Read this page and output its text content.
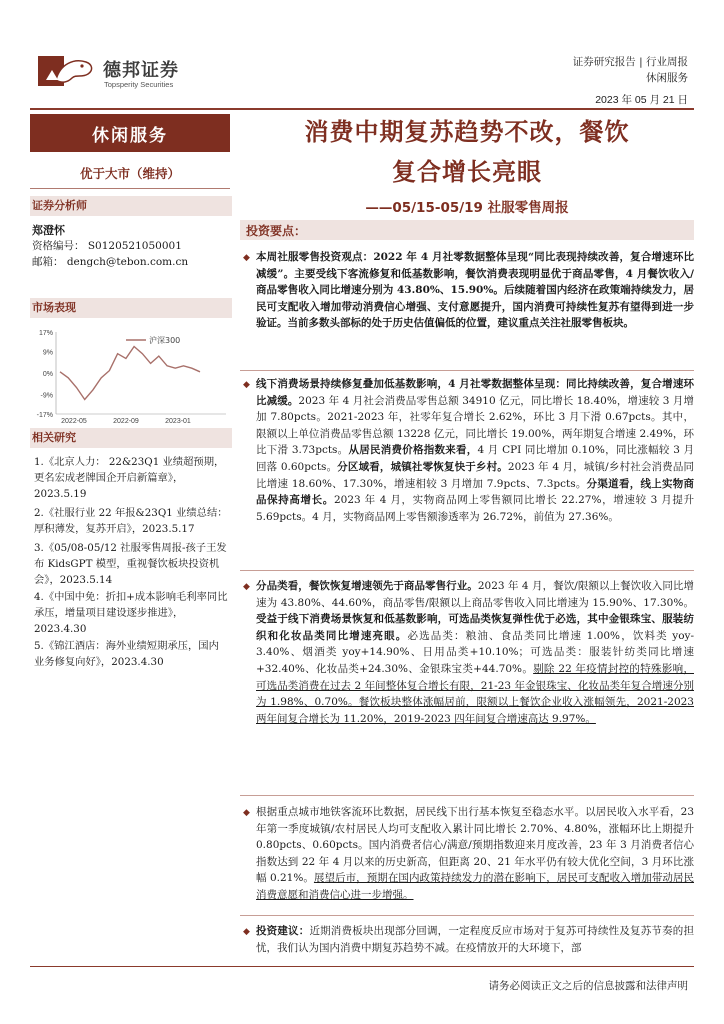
德邦证券
Topsperity Securities
证券研究报告 | 行业周报
休闲服务
2023 年 05 月 21 日
休闲服务
优于大市（维持）
证券分析师
郑澄怀
资格编号： S0120521050001
邮箱： dengch@tebon.com.cn
市场表现
17%
9%
0%
-9%
-17%
2022-05	2022-09	2023-01
沪深300
相关研究
1.《北京人力： 22&23Q1 业绩超预期，更名宏成老牌国企开启新篇章》，2023.5.19
2.《社服行业 22 年报&23Q1 业绩总结：厚积薄发，复苏开启》，2023.5.17
3.《05/08-05/12 社服零售周报-孩子王发布 KidsGPT 模型，重视餐饮板块投资机会》，2023.5.14
4.《中国中免：折扣+成本影响毛利率同比承压，增量项目建设逐步推进》，2023.4.30
5.《锦江酒店：海外业绩短期承压，国内业务修复向好》，2023.4.30
消费中期复苏趋势不改，餐饮
复合增长亮眼
——05/15-05/19 社服零售周报
投资要点：
◆ 本周社服零售投资观点：2022 年 4 月社零数据整体呈现“同比表现持续改善，复合增速环比减缓”。主要受线下客流修复和低基数影响，餐饮消费表现明显优于商品零售，4 月餐饮收入/商品零售收入同比增速分别为 43.80%、15.90%。后续随着国内经济在政策端持续发力，居民可支配收入增加带动消费信心增强、支付意愿提升，国内消费可持续性复苏有望得到进一步验证。当前多数头部标的处于历史估值偏低的位置，建议重点关注社服零售板块。

◆ 线下消费场景持续修复叠加低基数影响，4 月社零数据整体呈现：同比持续改善，复合增速环比减缓。2023 年 4 月社会消费品零售总额 34910 亿元，同比增长 18.40%，增速较 3 月增加 7.80pcts。2021-2023 年，社零年复合增长 2.62%，环比 3 月下滑 0.67pcts。其中，限额以上单位消费品零售总额 13228 亿元，同比增长 19.00%，两年期复合增速 2.49%，环比下滑 3.73pcts。从居民消费价格指数来看，4 月 CPI 同比增加 0.10%，同比涨幅较 3 月回落 0.60pcts。分区域看，城镇社零恢复快于乡村。2023 年 4 月，城镇/乡村社会消费品同比增速 18.60%、17.30%，增速相较 3 月增加 7.9pcts、7.3pcts。分渠道看，线上实物商品保持高增长。2023 年 4 月，实物商品网上零售额同比增长 22.27%，增速较 3 月提升 5.69pcts。4 月，实物商品网上零售额渗透率为 26.72%，前值为 27.36%。

◆ 分品类看，餐饮恢复增速领先于商品零售行业。2023 年 4 月，餐饮/限额以上餐饮收入同比增速为 43.80%、44.60%，商品零售/限额以上商品零售收入同比增速为 15.90%、17.30%。受益于线下消费场景恢复和低基数影响，可选品类恢复弹性优于必选，其中金银珠宝、服装纺织和化妆品类同比增速亮眼。必选品类：粮油、食品类同比增速 1.00%，饮料类 yoy-3.40%、烟酒类 yoy+14.90%、日用品类+10.10%；可选品类：服装针纺类同比增速+32.40%、化妆品类+24.30%、金银珠宝类+44.70%。剔除 22 年疫情封控的特殊影响，可选品类消费在过去 2 年间整体复合增长有限，21-23 年金银珠宝、化妆品类年复合增速分别为 1.98%、0.70%。餐饮板块整体涨幅居前，限额以上餐饮企业收入涨幅领先，2021-2023 两年间复合增长为 11.20%，2019-2023 四年间复合增速高达 9.97%。

◆ 根据重点城市地铁客流环比数据，居民线下出行基本恢复至稳态水平。以居民收入水平看，23 年第一季度城镇/农村居民人均可支配收入累计同比增长 2.70%、4.80%，涨幅环比上期提升 0.80pcts、0.60pcts。国内消费者信心/满意/预期指数迎来月度改善，23 年 3 月消费者信心指数达到 22 年 4 月以来的历史新高，但距离 20、21 年水平仍有较大优化空间，3 月环比涨幅 0.21%。展望后市，预期在国内政策持续发力的潜在影响下，居民可支配收入增加带动居民消费意愿和消费信心进一步增强。

◆ 投资建议：近期消费板块出现部分回调，一定程度反应市场对于复苏可持续性及复苏节奏的担忧，我们认为国内消费中期复苏趋势不减。在疫情放开的大环境下，部

请务必阅读正文之后的信息披露和法律声明
